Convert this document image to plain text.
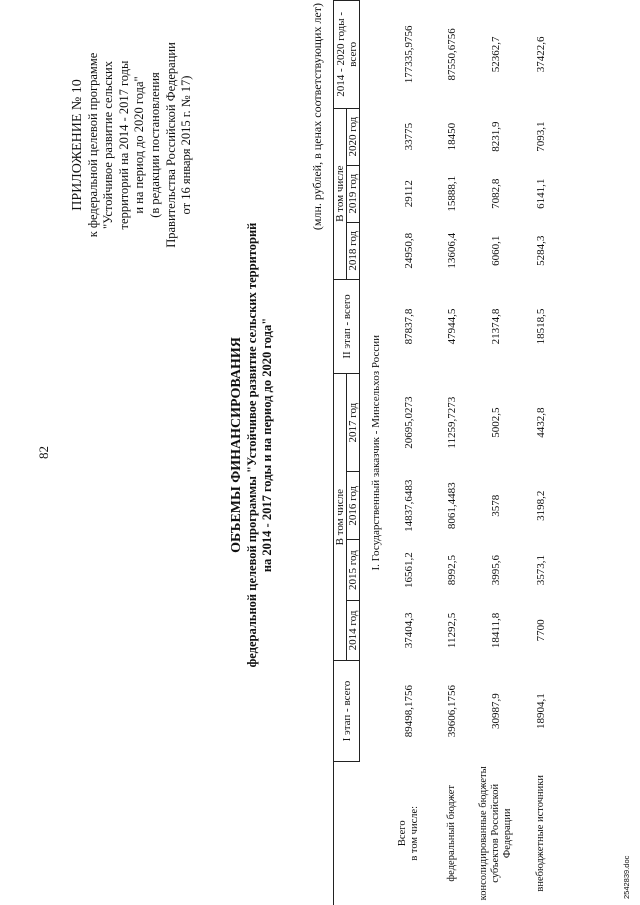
82
ПРИЛОЖЕНИЕ № 10 к федеральной целевой программе "Устойчивое развитие сельских территорий на 2014 - 2017 годы и на период до 2020 года" (в редакции постановления Правительства Российской Федерации от 16 января 2015 г. № 17)
ОБЪЕМЫ ФИНАНСИРОВАНИЯ федеральной целевой программы "Устойчивое развитие сельских территорий на 2014 - 2017 годы и на период до 2020 года"
(млн. рублей, в ценах соответствующих лет)
	I этап - всего	В том числе				II этап - всего	В том числе			2014 - 2020 годы - всего
		2014 год	2015 год	2016 год	2017 год		2018 год	2019 год	2020 год	
I. Государственный заказчик - Минсельхоз России										

Всего в том числе:	89498,1756	37404,3	16561,2	14837,6483	20695,0273	87837,8	24950,8	29112	33775	177335,9756

федеральный бюджет	39606,1756	11292,5	8992,5	8061,4483	11259,7273	47944,5	13606,4	15888,1	18450	87550,6756

консолидированные бюджеты субъектов Российской Федерации	30987,9	18411,8	3995,6	3578	5002,5	21374,8	6060,1	7082,8	8231,9	52362,7

внебюджетные источники	18904,1	7700	3573,1	3198,2	4432,8	18518,5	5284,3	6141,1	7093,1	37422,6
2542839.doc
